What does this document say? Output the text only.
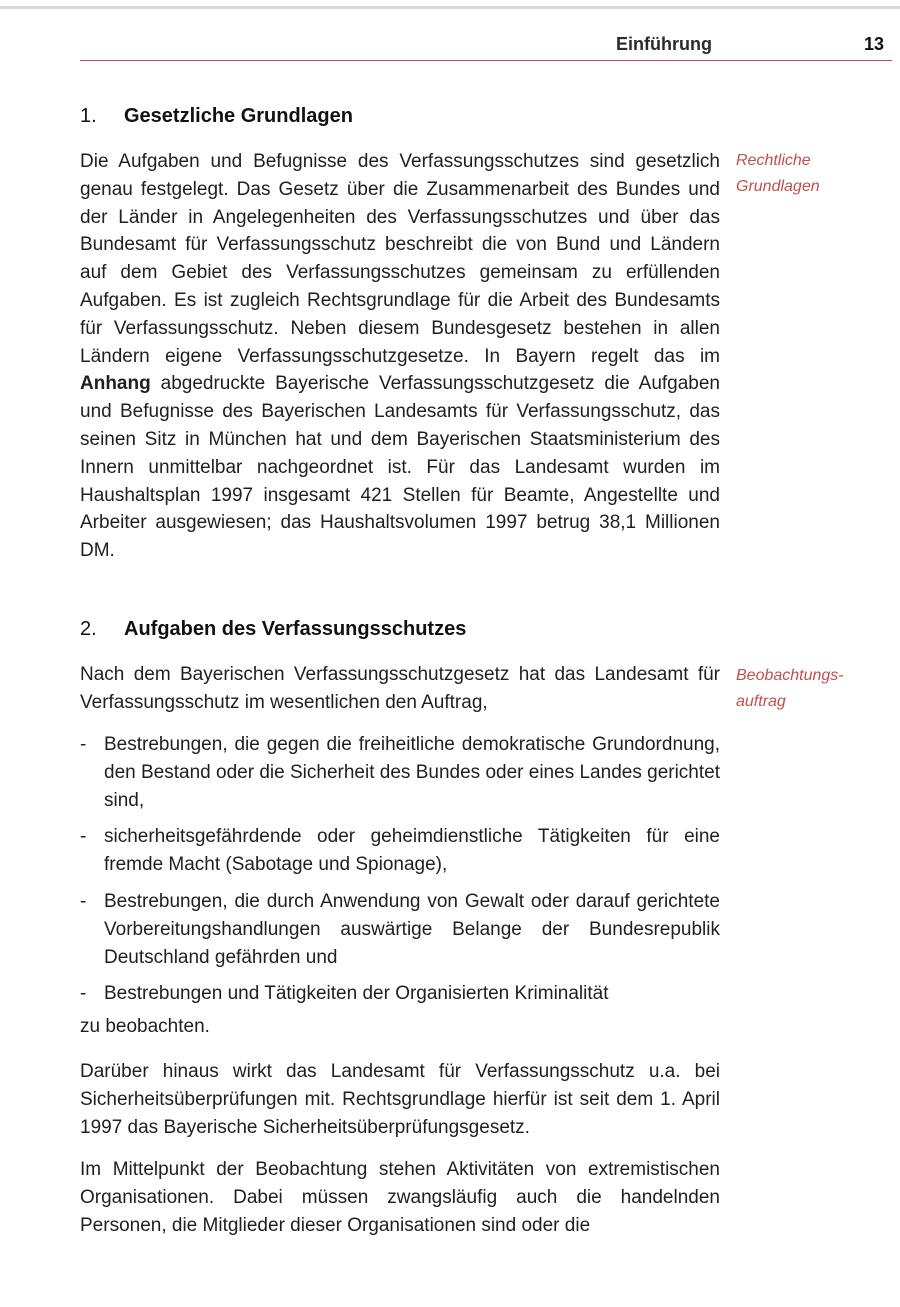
Einführung	13
1. Gesetzliche Grundlagen
Rechtliche
Grundlagen
Die Aufgaben und Befugnisse des Verfassungsschutzes sind gesetzlich genau festgelegt. Das Gesetz über die Zusammenarbeit des Bundes und der Länder in Angelegenheiten des Verfassungsschutzes und über das Bundesamt für Verfassungsschutz beschreibt die von Bund und Ländern auf dem Gebiet des Verfassungsschutzes gemeinsam zu erfüllenden Aufgaben. Es ist zugleich Rechtsgrundlage für die Arbeit des Bundesamts für Verfassungsschutz. Neben diesem Bundesgesetz bestehen in allen Ländern eigene Verfassungsschutzgesetze. In Bayern regelt das im Anhang abgedruckte Bayerische Verfassungsschutzgesetz die Aufgaben und Befugnisse des Bayerischen Landesamts für Verfassungsschutz, das seinen Sitz in München hat und dem Bayerischen Staatsministerium des Innern unmittelbar nachgeordnet ist. Für das Landesamt wurden im Haushaltsplan 1997 insgesamt 421 Stellen für Beamte, Angestellte und Arbeiter ausgewiesen; das Haushaltsvolumen 1997 betrug 38,1 Millionen DM.
2. Aufgaben des Verfassungsschutzes
Beobachtungs-
auftrag
Nach dem Bayerischen Verfassungsschutzgesetz hat das Landesamt für Verfassungsschutz im wesentlichen den Auftrag,
- Bestrebungen, die gegen die freiheitliche demokratische Grundordnung, den Bestand oder die Sicherheit des Bundes oder eines Landes gerichtet sind,
- sicherheitsgefährdende oder geheimdienstliche Tätigkeiten für eine fremde Macht (Sabotage und Spionage),
- Bestrebungen, die durch Anwendung von Gewalt oder darauf gerichtete Vorbereitungshandlungen auswärtige Belange der Bundesrepublik Deutschland gefährden und
- Bestrebungen und Tätigkeiten der Organisierten Kriminalität
zu beobachten.
Darüber hinaus wirkt das Landesamt für Verfassungsschutz u.a. bei Sicherheitsüberprüfungen mit. Rechtsgrundlage hierfür ist seit dem 1. April 1997 das Bayerische Sicherheitsüberprüfungsgesetz.
Im Mittelpunkt der Beobachtung stehen Aktivitäten von extremistischen Organisationen. Dabei müssen zwangsläufig auch die handelnden Personen, die Mitglieder dieser Organisationen sind oder die
